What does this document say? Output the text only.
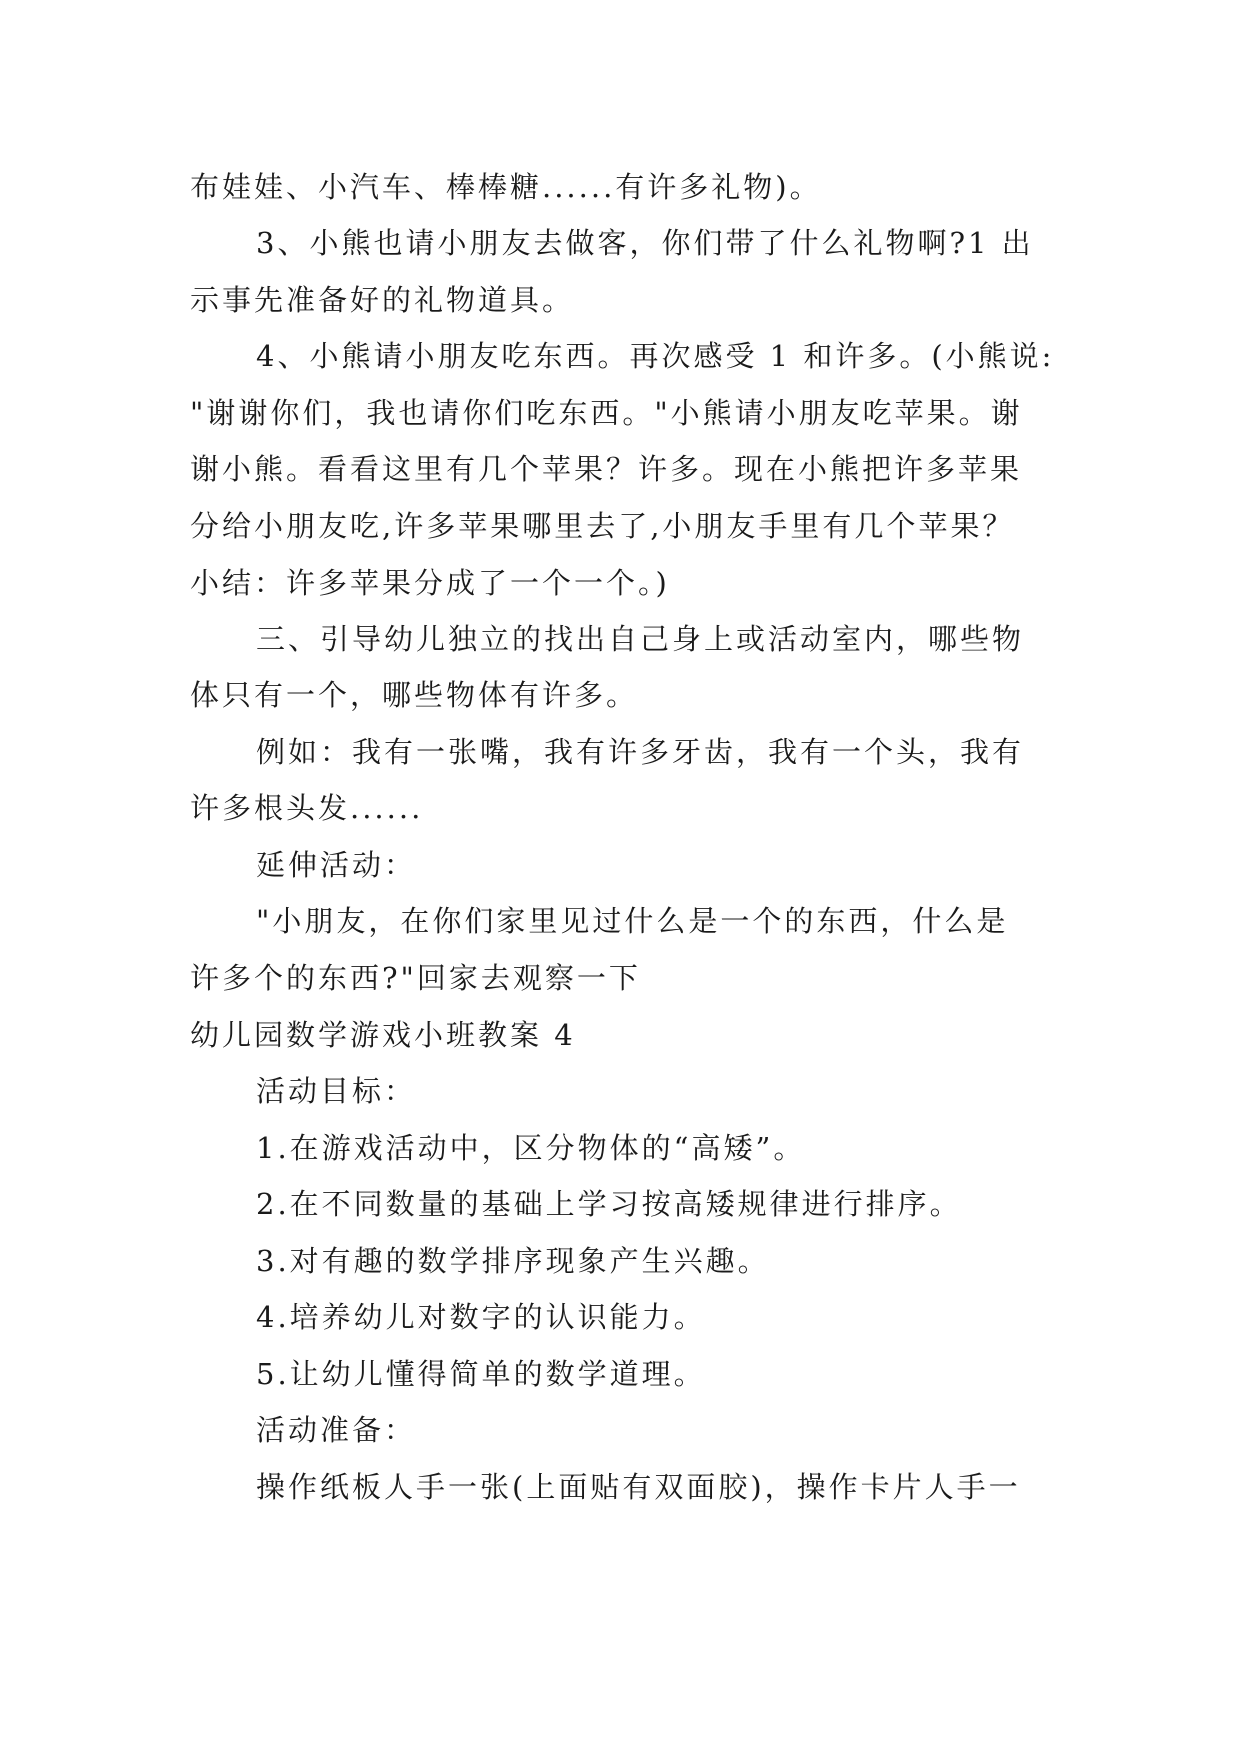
布娃娃、小汽车、棒棒糖......有许多礼物)。
3、小熊也请小朋友去做客，你们带了什么礼物啊?1 出
示事先准备好的礼物道具。
4、小熊请小朋友吃东西。再次感受 1 和许多。(小熊说:
"谢谢你们，我也请你们吃东西。"小熊请小朋友吃苹果。谢
谢小熊。看看这里有几个苹果？许多。现在小熊把许多苹果
分给小朋友吃,许多苹果哪里去了,小朋友手里有几个苹果？
小结：许多苹果分成了一个一个。)
三、引导幼儿独立的找出自己身上或活动室内，哪些物
体只有一个，哪些物体有许多。
例如：我有一张嘴，我有许多牙齿，我有一个头，我有
许多根头发......
延伸活动：
"小朋友，在你们家里见过什么是一个的东西，什么是
许多个的东西?"回家去观察一下
幼儿园数学游戏小班教案 4
活动目标：
1.在游戏活动中，区分物体的“高矮”。
2.在不同数量的基础上学习按高矮规律进行排序。
3.对有趣的数学排序现象产生兴趣。
4.培养幼儿对数字的认识能力。
5.让幼儿懂得简单的数学道理。
活动准备：
操作纸板人手一张(上面贴有双面胶)，操作卡片人手一
